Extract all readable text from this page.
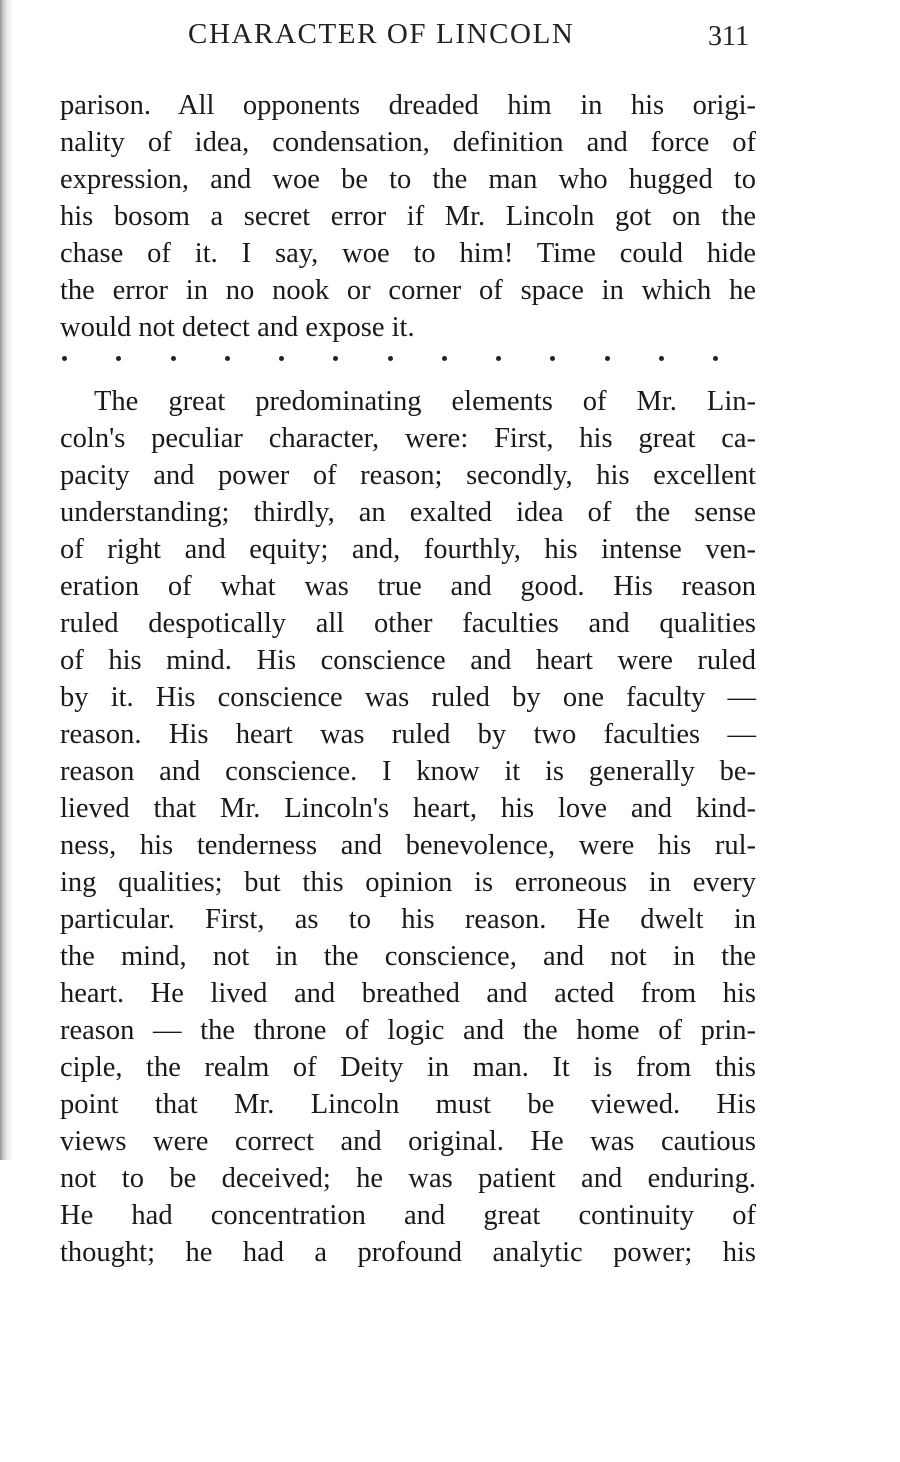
CHARACTER OF LINCOLN	311
parison. All opponents dreaded him in his origi-
nality of idea, condensation, definition and force of
expression, and woe be to the man who hugged to
his bosom a secret error if Mr. Lincoln got on the
chase of it. I say, woe to him! Time could hide
the error in no nook or corner of space in which he
would not detect and expose it.
The great predominating elements of Mr. Lin-
coln's peculiar character, were: First, his great ca-
pacity and power of reason; secondly, his excellent
understanding; thirdly, an exalted idea of the sense
of right and equity; and, fourthly, his intense ven-
eration of what was true and good. His reason
ruled despotically all other faculties and qualities
of his mind. His conscience and heart were ruled
by it. His conscience was ruled by one faculty —
reason. His heart was ruled by two faculties —
reason and conscience. I know it is generally be-
lieved that Mr. Lincoln's heart, his love and kind-
ness, his tenderness and benevolence, were his rul-
ing qualities; but this opinion is erroneous in every
particular. First, as to his reason. He dwelt in
the mind, not in the conscience, and not in the
heart. He lived and breathed and acted from his
reason — the throne of logic and the home of prin-
ciple, the realm of Deity in man. It is from this
point that Mr. Lincoln must be viewed. His
views were correct and original. He was cautious
not to be deceived; he was patient and enduring.
He had concentration and great continuity of
thought; he had a profound analytic power; his
